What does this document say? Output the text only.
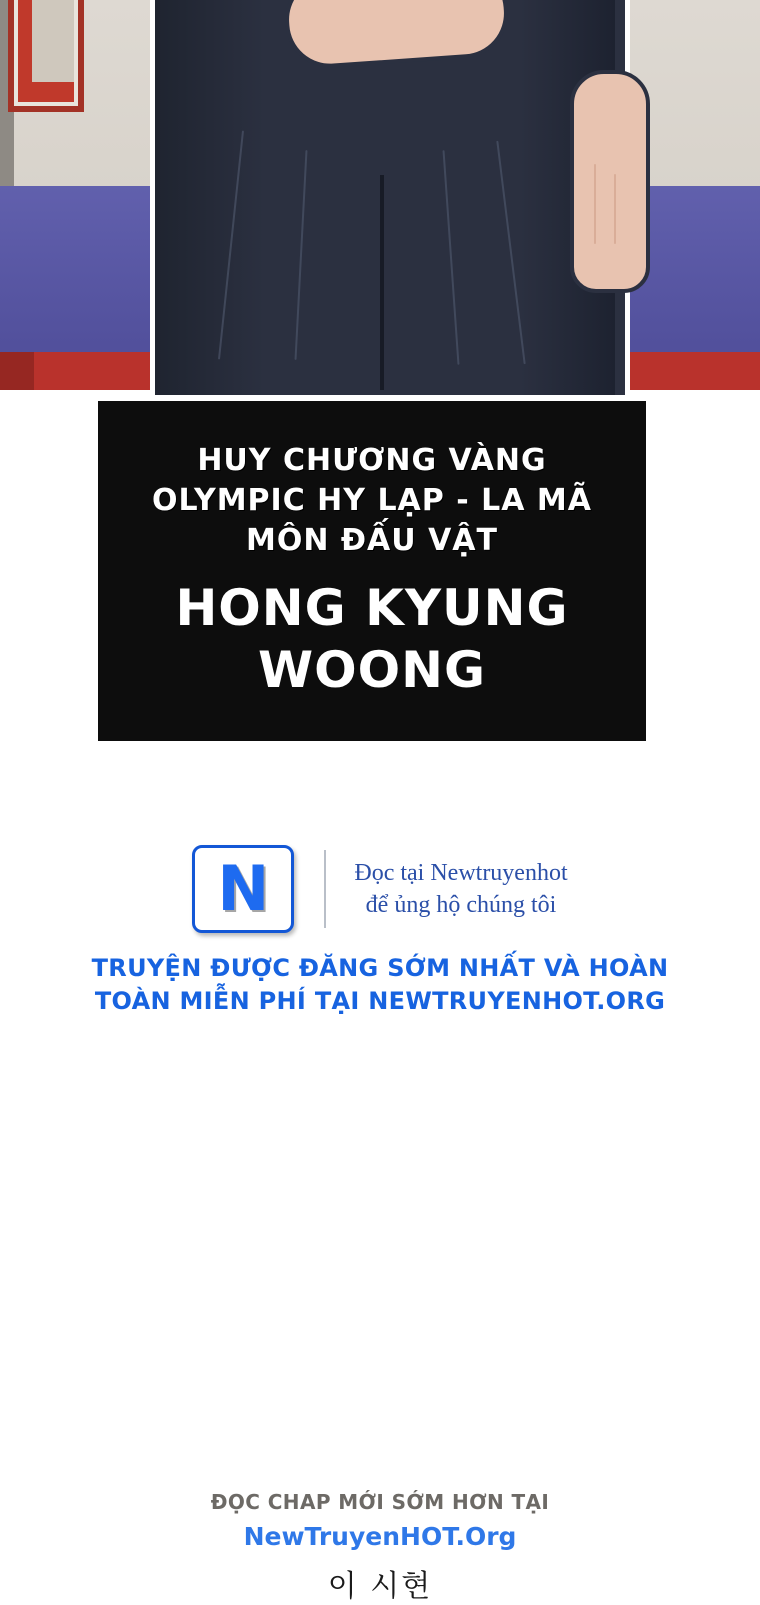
HUY CHƯƠNG VÀNG
OLYMPIC HY LẠP - LA MÃ
MÔN ĐẤU VẬT
HONG KYUNG
WOONG
N	Đọc tại Newtruyenhot
để ủng hộ chúng tôi
TRUYỆN ĐƯỢC ĐĂNG SỚM NHẤT VÀ HOÀN
TOÀN MIỄN PHÍ TẠI NEWTRUYENHOT.ORG
ĐỌC CHAP MỚI SỚM HƠN TẠI
NewTruyenHOT.Org
이 시현
